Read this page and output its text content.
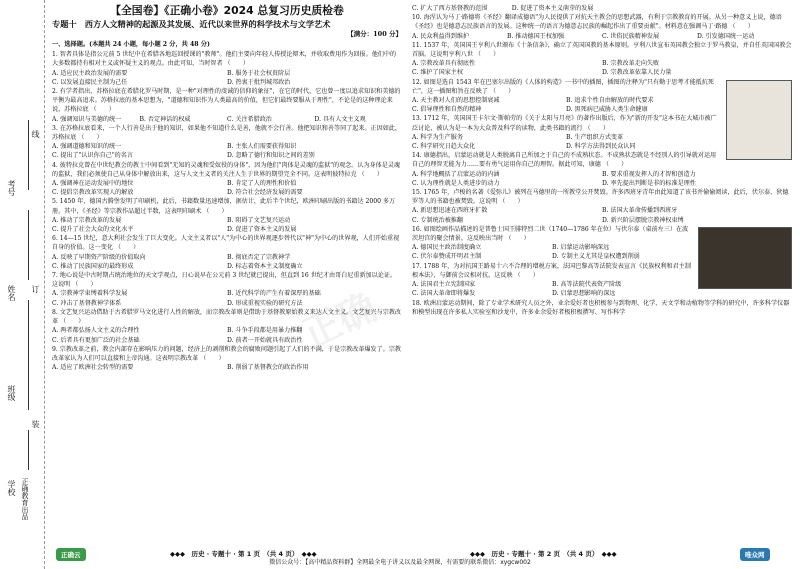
考号
线
姓名 订
班级
装
学校 正确教育出品
【全国卷】《正确小卷》2024 总复习历史质检卷
专题十　西方人文精神的起源及其发展、近代以来世界的科学技术与文学艺术
【满分：100 分】
一、选择题。(本题共 24 小题，每小题 2 分，共 48 分)
1. 智者具体是指公元前 5 世纪中在希腊各地巡回授课的"教师"。他们主要向年轻人传授论辩术，并收取费用作为回报。他们中的大多数都持有相对主义或怀疑主义的观点。由此可知，当时智者 （　　）
A. 适应民主政治发展的需要	B. 服务于社会权贵阶层
C. 以发展直接民主制为己任	D. 热衷于批判城邦政治
2. 有学者指出，苏格拉底在希腊化罗马时期，是一种"对理性的虔诚的信仰的象征"，在它的时代，它也曾一度以追求知识和美德的平衡为最高追求。苏格拉底的基本思想为，"道德和知识作为人类最高的价值，但它们最终要服从于理性"，不论是的这种理论来说，苏格拉底 （　　）
A. 强调知识与美德的统一	B. 否定神话的权威	C. 关注希腊政治	D. 具有人文主义观
3. 在苏格拉底看来，一个人行善是出于他的知识，如果他不知道什么是善，他就不会行善。他把知识和善等同了起来。正因如此，苏格拉底 （　　）
A. 强调道德和知识的统一	B. 主张人们需要获得知识
C. 提出了"认识你自己"的名言	D. 忽略了德行和知识之间的差别
4. 彼特拉克曾在中世纪教会的教士中间看到"无知的灵魂和受奴役的身体"，因为他们"肉体是灵魂的监狱"的观念。认为身体是灵魂的监狱，我们必须使自己从身体中解放出来，这与人文主义者的关注人生于世界的期望完全不同。这表明彼特拉克 （　　）
A. 强调神在运动发展中的地位	B. 肯定了人的理性和价值
C. 提倡宗教改革实现人的解放	D. 符合社会经济发展的需要
5. 1450 年，德国古腾堡发明了印刷机，此后，书籍数量迅速增加，据估计，此后半个世纪，欧洲印刷出版的书籍达 2000 多万册。其中，《圣经》等宗教作品超过半数，这表明印刷术 （　　）
A. 推动了宗教改革的发展	B. 阻碍了文艺复兴运动
C. 提升了社会大众的文化水平	D. 促进了资本主义的发展
6. 14—15 世纪，意大利社会发生了巨大变化。人文主义者以"人"为中心的世界观逐步替代以"神"为中心的世界观，人们开始重视自身的价值。这一变化 （　　）
A. 反映了早期资产阶级的价值取向	B. 彻底否定了宗教神学
C. 推动了民族国家的最终形成	D. 标志着资本主义制度确立
7. 地心说是中古时期占统治地位的天文学观点，日心说早在公元前 3 世纪就已提出，但直到 16 世纪才由哥白尼重新加以论证。这说明 （　　）
A. 宗教神学束缚着科学发展	B. 近代科学的产生有着深厚的基础
C. 冲击了基督教神学体系	D. 形成重视实验的研究方法
8. 文艺复兴运动借助于古希腊罗马文化进行人性的解放，而宗教改革则是借助于基督教原始教义来达人文主义。文艺复兴与宗教改革 （　　）
A. 两者都弘扬人文主义的合理性	B. 斗争手段都是用暴力推翻
C. 后者具有更加广泛的社会基础	D. 前者一开始就具有政治性
9. 宗教改革之前，教会内部存在影响压力的问题，经济上的剥削和教会的腐败问题引起了人们的不满，于是宗教改革爆发了。宗教改革家认为人们可以直接和上帝沟通。这表明宗教改革 （　　）
A. 适应了欧洲社会转型的需要	B. 削弱了基督教会的政治作用
C. 扩大了西方基督教的范围　　　　D. 促进了资本主义萌芽的发展
10. 海涅认为马丁·路德将《圣经》翻译成德语"为人民提供了对抗天主教会的思想武器，有利于宗教教育的开展。从另一种意义上说，德语《圣经》也是德意志民族语言的发展。这种统一的语言为德意志民族的崛起作出了重要贡献"。材料意在强调马丁·路德 （　　）
A. 民众利益得到维护	B. 推动德国王权加强	C. 世俗民族精神发展	D. 引发德国统一运动
11. 1537 年，英国国王亨利八世颁布《十条信条》，确立了英国国教的基本原则。亨利八世宣布英国教会独立于罗马教皇，并自任英国国教会首脑。这说明亨利八世 （　　）
A. 宗教改革具有彻底性	B. 宗教改革走向失败
C. 维护了国家主权	D. 宗教改革依靠人民力量
12. 如图是选自 1543 年在巴塞尔出版的《人体的构造》一书中的插图，插图的注释为"只有勤于思考才能抵抗死亡"，这一插图和旨在反映了 （　　）
A. 天主教对人们的思想控制衰减	B. 追求个性自由解放的时代要求
C. 倡导理性和自然的精神	D. 黑死病已威胁人类生命健康
13. 1712 年，英国国王卡尔文·斯帕劳的《关于太阳与月亮》的著作出版后，作为"新的开发"这本书在大城市被广泛讨论，被认为是一本为大众普及科学的读物，此类书籍的流行 （　　）
A. 科学为生产服务	B. 生产组织方式变革
C. 科学研究日趋大众化	D. 科学方法得到民众认同
14. 康德指出，启蒙运动就是人类脱离自己所加之于自己的不成熟状态。不成熟状态就是不经别人的引导就对运用自己的理智无能为力……要有勇气运用你自己的理智。据此可知，康德 （　　）
A. 科学地概括了启蒙运动的内涵	B. 要求重视发挥人的才智和创造力
C. 认为理性就是人类进步的动力	D. 率先提出判断是非的标准是理性
15. 1765 年，卢梭的名著《爱弥儿》被列在马德里的一所教堂公开焚毁。许多西班牙青年由此知道了该书并偷偷阅读，此后，伏尔泰、狄德罗等人的书籍也被焚毁。这说明 （　　）
A. 新思想迅速在西班牙扩散	B. 法国大革命传播到西班牙
C. 专制统治被推翻	D. 新兴阶层摆脱宗教神权束缚
16. 如图绘画作品描述的是普鲁士国王腓特烈二世（1740—1786 年在位）与伏尔泰（桌前左三）在波茨坦宫的聚会情景。这反映出当时 （　　）
A. 德国民主政治制度确立	B. 启蒙运动影响深远
C. 伏尔泰赞成开明君主制	D. 专制主义尤其是皇权遭到削弱
17. 1788 年，为对抗国王路易十六不合理的增税方案，法国巴黎高等法院发表宣言《民族权利和君主制根本法》，与御前会议相对抗。这反映 （　　）
A. 法国君主立宪制国家	B. 高等法院代表资产阶级
C. 法国大革命即将爆发	D. 启蒙思想影响的深远
18. 欧洲启蒙运动期间，除了专业学术研究人员之外，业余爱好者也积极参与到物理、化学、天文学和动植物等学科的研究中，许多科学仪器和模型出现在许多私人实验室和沙龙中，许多业余爱好者极积极撰写、写作科学
正确
正确云	◆◆◆　历史 · 专题十 · 第 1 页　（共 4 页）　◆◆◆	◆◆◆　历史 · 专题十 · 第 2 页　（共 4 页）　◆◆◆	唯众网
微信公众号：【高中精品资料群】全网最全电子讲义以及最全网课，有需要的联系微信：xygcw002
